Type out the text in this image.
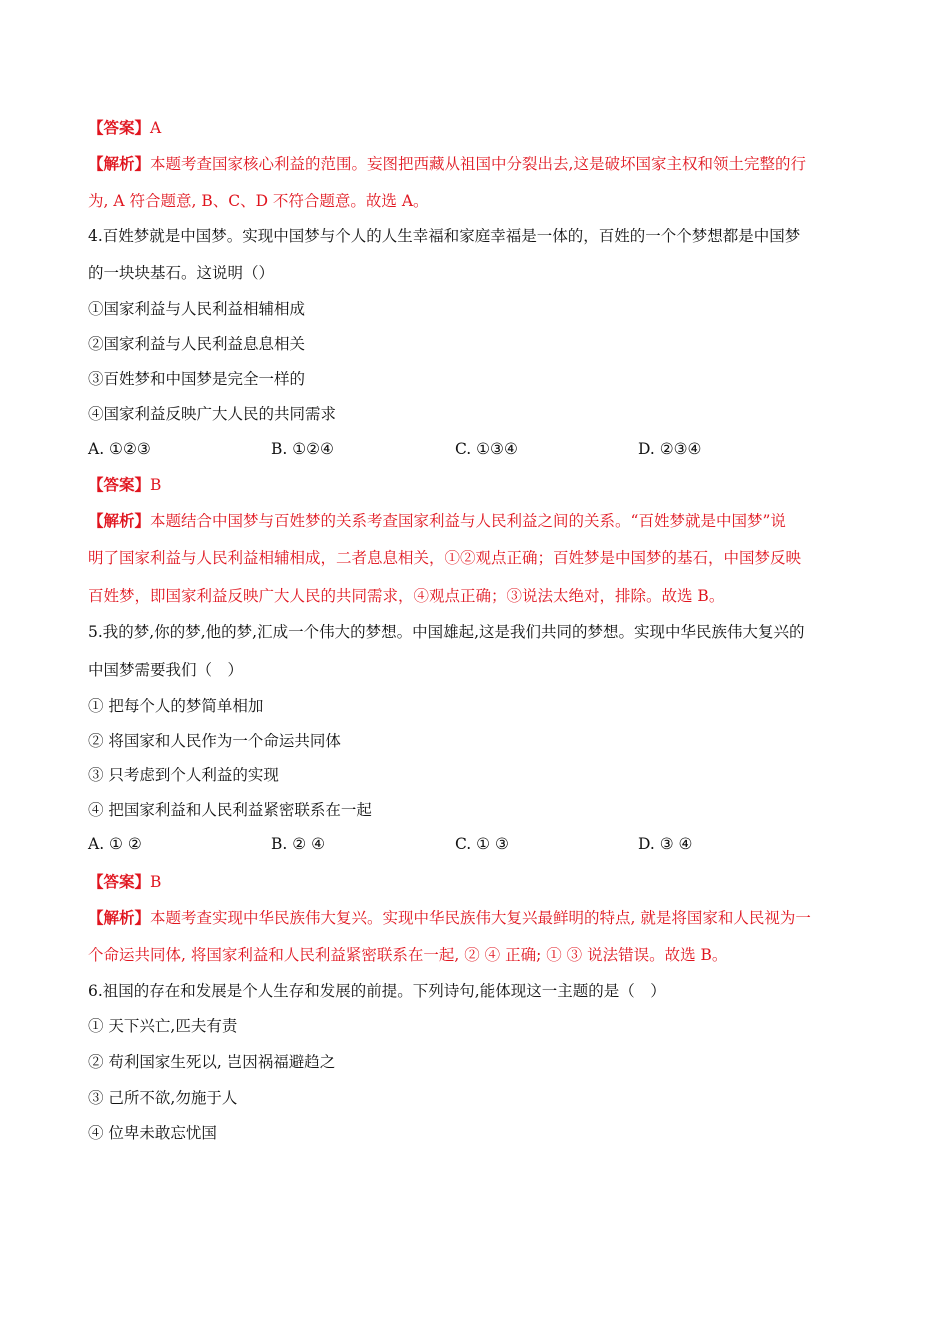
【答案】A
【解析】本题考查国家核心利益的范围。妄图把西藏从祖国中分裂出去,这是破坏国家主权和领土完整的行
为, A 符合题意, B、C、D 不符合题意。故选 A。
4.百姓梦就是中国梦。实现中国梦与个人的人生幸福和家庭幸福是一体的，百姓的一个个梦想都是中国梦
的一块块基石。这说明（）
①国家利益与人民利益相辅相成
②国家利益与人民利益息息相关
③百姓梦和中国梦是完全一样的
④国家利益反映广大人民的共同需求
A. ①②③	B. ①②④	C. ①③④	D. ②③④
【答案】B
【解析】本题结合中国梦与百姓梦的关系考查国家利益与人民利益之间的关系。“百姓梦就是中国梦”说
明了国家利益与人民利益相辅相成，二者息息相关，①②观点正确；百姓梦是中国梦的基石，中国梦反映
百姓梦，即国家利益反映广大人民的共同需求，④观点正确；③说法太绝对，排除。故选 B。
5.我的梦,你的梦,他的梦,汇成一个伟大的梦想。中国雄起,这是我们共同的梦想。实现中华民族伟大复兴的
中国梦需要我们（　）
① 把每个人的梦简单相加
② 将国家和人民作为一个命运共同体
③ 只考虑到个人利益的实现
④ 把国家利益和人民利益紧密联系在一起
A. ① ②	B. ② ④	C. ① ③	D. ③ ④
【答案】B
【解析】本题考查实现中华民族伟大复兴。实现中华民族伟大复兴最鲜明的特点, 就是将国家和人民视为一
个命运共同体, 将国家利益和人民利益紧密联系在一起, ② ④ 正确; ① ③ 说法错误。故选 B。
6.祖国的存在和发展是个人生存和发展的前提。下列诗句,能体现这一主题的是（　）
① 天下兴亡,匹夫有责
② 苟利国家生死以, 岂因祸福避趋之
③ 己所不欲,勿施于人
④ 位卑未敢忘忧国
